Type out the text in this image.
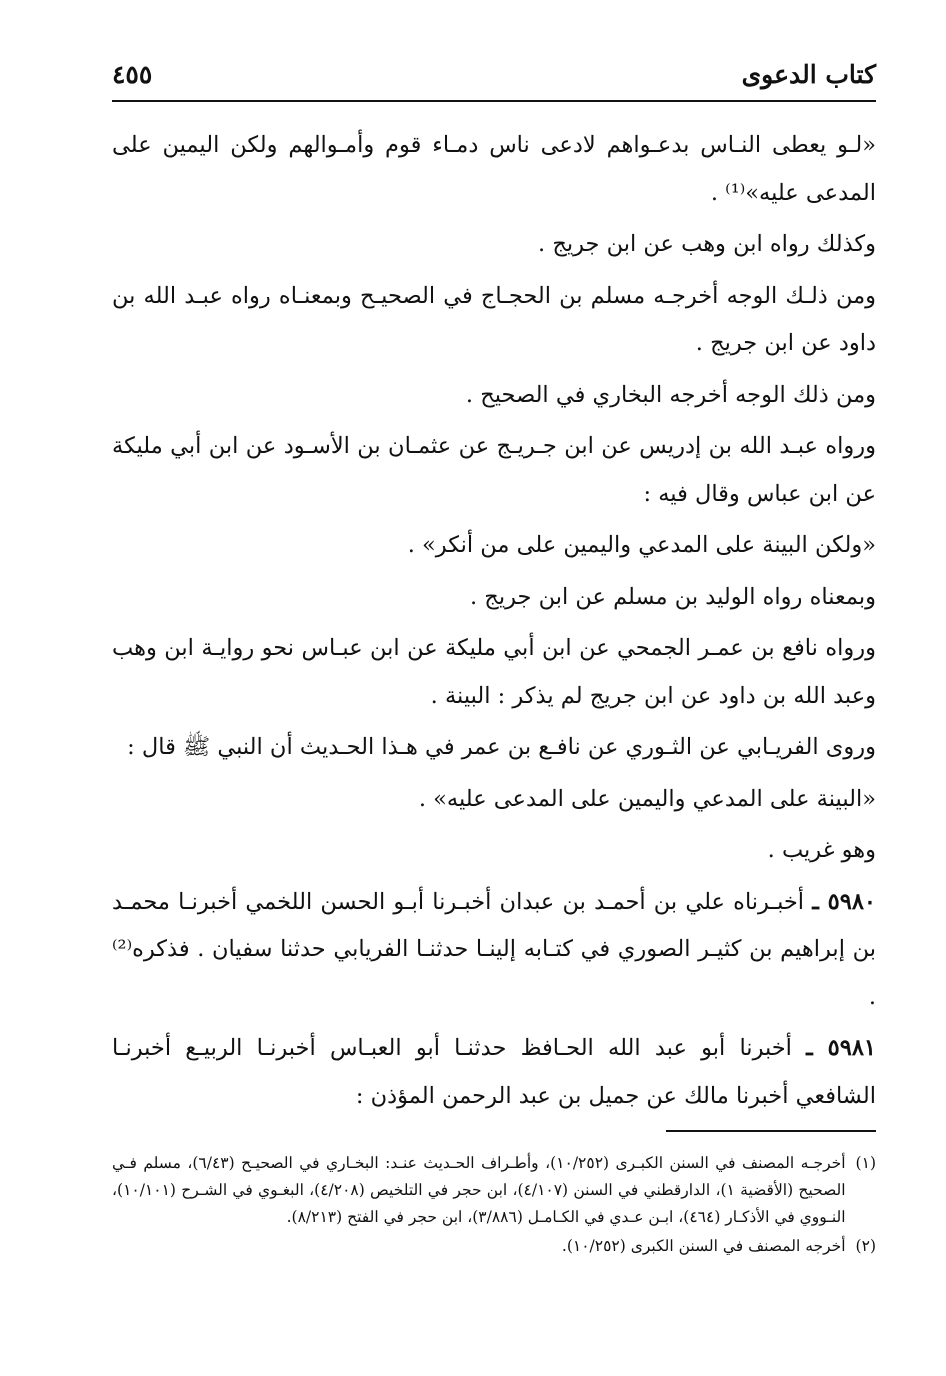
كتاب الدعوى
٤٥٥

«لـو يعطى النـاس بدعـواهم لادعى ناس دمـاء قوم وأمـوالهم ولكن اليمين على المدعى عليه»⁽¹⁾ .

وكذلك رواه ابن وهب عن ابن جريج .

ومن ذلـك الوجه أخرجـه مسلم بن الحجـاج في الصحيـح وبمعنـاه رواه عبـد الله بن داود عن ابن جريج .

ومن ذلك الوجه أخرجه البخاري في الصحيح .

ورواه عبـد الله بن إدريس عن ابن جـريـج عن عثمـان بن الأسـود عن ابن أبي مليكة عن ابن عباس وقال فيه :

«ولكن البينة على المدعي واليمين على من أنكر» .

وبمعناه رواه الوليد بن مسلم عن ابن جريج .

ورواه نافع بن عمـر الجمحي عن ابن أبي مليكة عن ابن عبـاس نحو روايـة ابن وهب وعبد الله بن داود عن ابن جريج لم يذكر : البينة .

وروى الفريـابي عن الثـوري عن نافـع بن عمر في هـذا الحـديث أن النبي ﷺ قال :

«البينة على المدعي واليمين على المدعى عليه» .

وهو غريب .

٥٩٨٠ ـ أخبـرناه علي بن أحمـد بن عبدان أخبـرنا أبـو الحسن اللخمي أخبرنـا محمـد بن إبراهيم بن كثيـر الصوري في كتـابه إلينـا حدثنـا الفريابي حدثنا سفيان . فذكره⁽²⁾ .

٥٩٨١ ـ أخبرنا أبو عبد الله الحـافظ حدثنـا أبو العبـاس أخبرنـا الربيـع أخبرنـا الشافعي أخبرنا مالك عن جميل بن عبد الرحمن المؤذن :

(١)
أخرجـه المصنف في السنن الكبـرى (١٠/٢٥٢)، وأطـراف الحـديث عنـد: البخـاري في الصحيـح (٦/٤٣)، مسلم فـي الصحيح (الأقضية ١)، الدارقطني في السنن (٤/١٠٧)، ابن حجر في التلخيص (٤/٢٠٨)، البغـوي في الشـرح (١٠/١٠١)، النـووي في الأذكـار (٤٦٤)، ابـن عـدي في الكـامـل (٣/٨٨٦)، ابن حجر في الفتح (٨/٢١٣).
(٢)
أخرجه المصنف في السنن الكبرى (١٠/٢٥٢).
